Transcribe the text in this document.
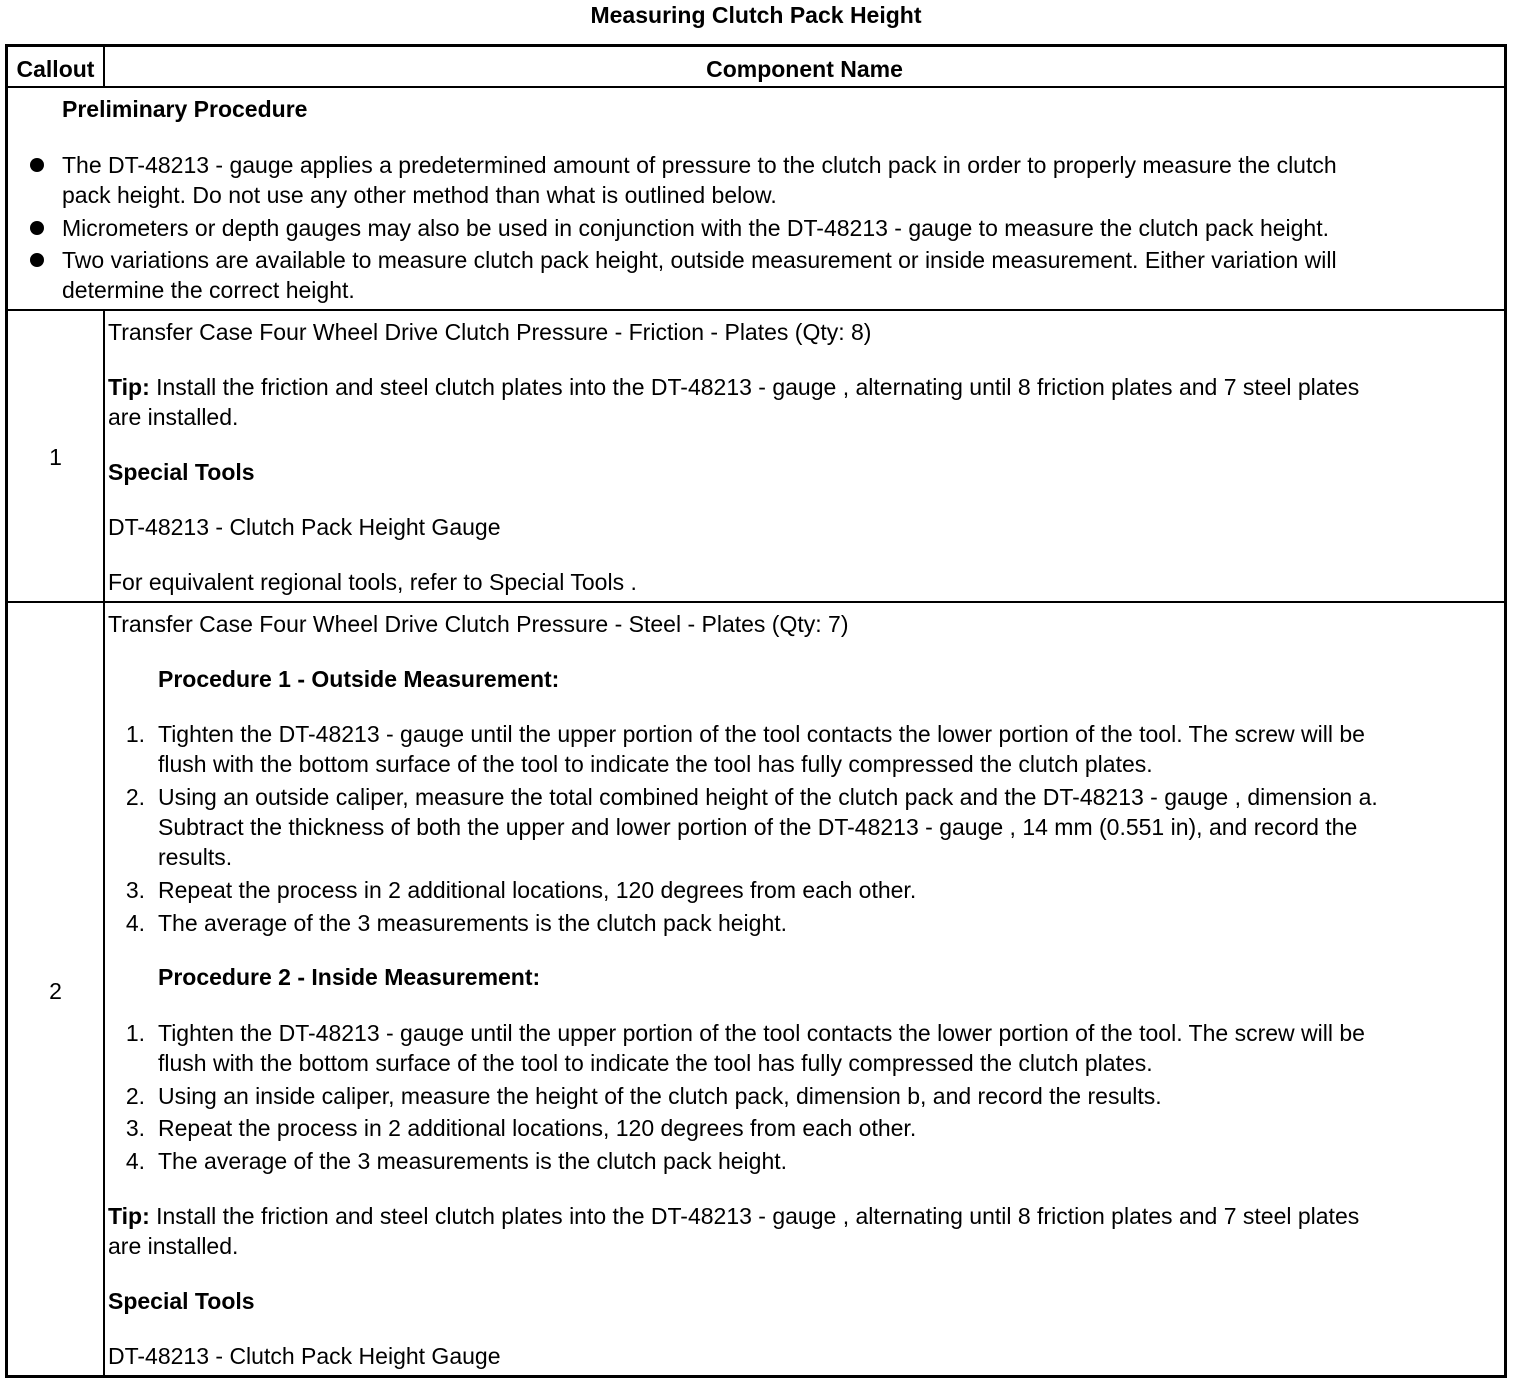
Measuring Clutch Pack Height
Callout	Component Name
Preliminary Procedure
The DT-48213 - gauge applies a predetermined amount of pressure to the clutch pack in order to properly measure the clutch
pack height. Do not use any other method than what is outlined below.
Micrometers or depth gauges may also be used in conjunction with the DT-48213 - gauge to measure the clutch pack height.
Two variations are available to measure clutch pack height, outside measurement or inside measurement. Either variation will
determine the correct height.
1
Transfer Case Four Wheel Drive Clutch Pressure - Friction - Plates (Qty: 8)
Tip: Install the friction and steel clutch plates into the DT-48213 - gauge , alternating until 8 friction plates and 7 steel plates
are installed.
Special Tools
DT-48213 - Clutch Pack Height Gauge
For equivalent regional tools, refer to Special Tools .
2
Transfer Case Four Wheel Drive Clutch Pressure - Steel - Plates (Qty: 7)
Procedure 1 - Outside Measurement:
1. Tighten the DT-48213 - gauge until the upper portion of the tool contacts the lower portion of the tool. The screw will be
flush with the bottom surface of the tool to indicate the tool has fully compressed the clutch plates.
2. Using an outside caliper, measure the total combined height of the clutch pack and the DT-48213 - gauge , dimension a.
Subtract the thickness of both the upper and lower portion of the DT-48213 - gauge , 14 mm (0.551 in), and record the
results.
3. Repeat the process in 2 additional locations, 120 degrees from each other.
4. The average of the 3 measurements is the clutch pack height.
Procedure 2 - Inside Measurement:
1. Tighten the DT-48213 - gauge until the upper portion of the tool contacts the lower portion of the tool. The screw will be
flush with the bottom surface of the tool to indicate the tool has fully compressed the clutch plates.
2. Using an inside caliper, measure the height of the clutch pack, dimension b, and record the results.
3. Repeat the process in 2 additional locations, 120 degrees from each other.
4. The average of the 3 measurements is the clutch pack height.
Tip: Install the friction and steel clutch plates into the DT-48213 - gauge , alternating until 8 friction plates and 7 steel plates
are installed.
Special Tools
DT-48213 - Clutch Pack Height Gauge
